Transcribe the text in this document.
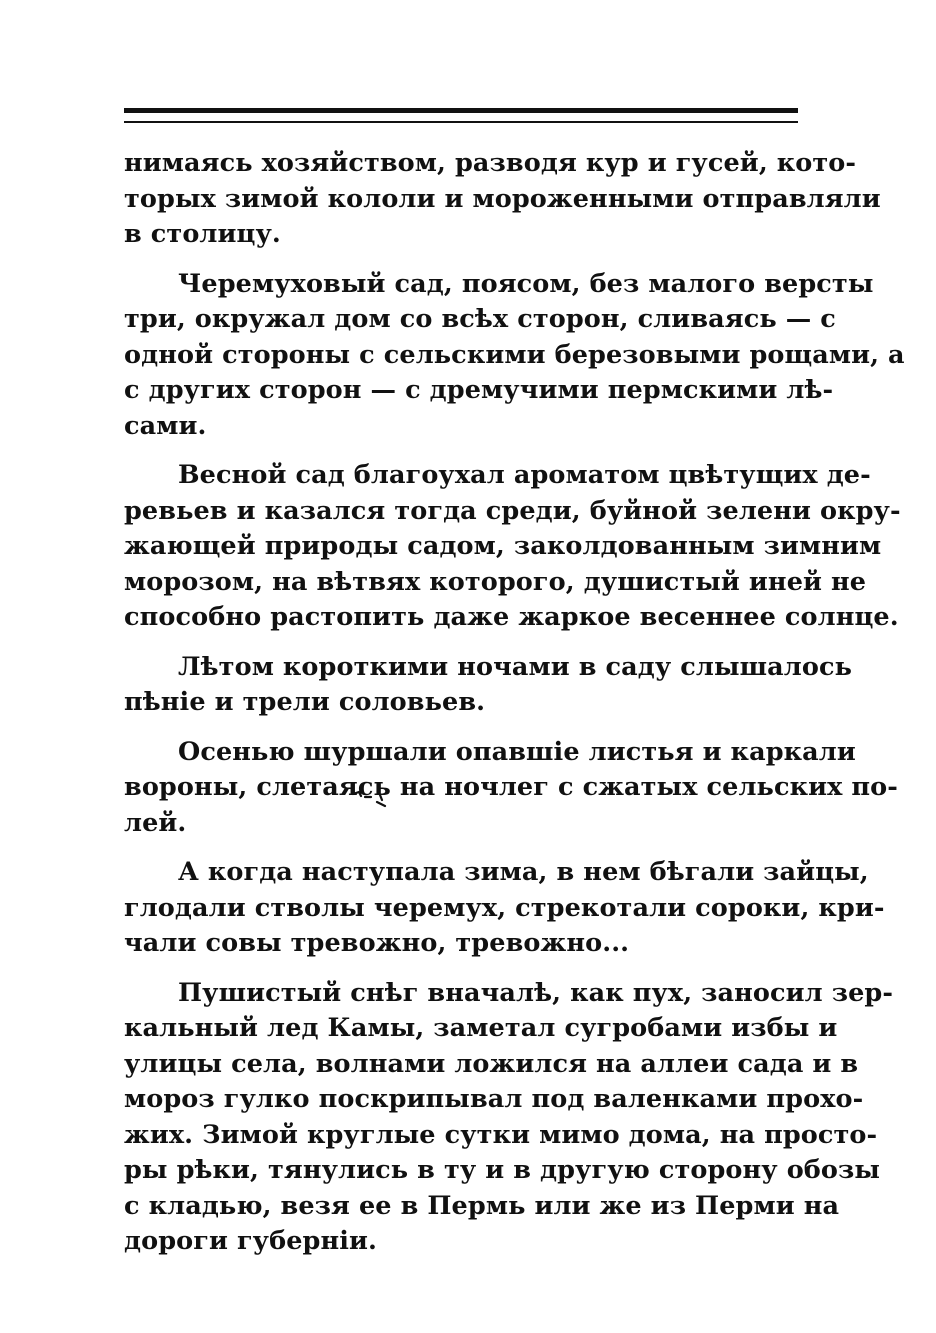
нимаясь хозяйством, разводя кур и гусей, кото-
торых зимой кололи и мороженными отправляли
в столицу.

Черемуховый сад, поясом, без малого версты
три, окружал дом со всѣх сторон, сливаясь — с
одной стороны с сельскими березовыми рощами, а
с других сторон — с дремучими пермскими лѣ-
сами.

Весной сад благоухал ароматом цвѣтущих де-
ревьев и казался тогда среди, буйной зелени окру-
жающей природы садом, заколдованным зимним
морозом, на вѣтвях которого, душистый иней не
способно растопить даже жаркое весеннее солнце.

Лѣтом короткими ночами в саду слышалось
пѣніе и трели соловьев.

Осенью шуршали опавшіе листья и каркали
вороны, слетаясь на ночлег с сжатых сельских по-
лей.

А когда наступала зима, в нем бѣгали зайцы,
глодали стволы черемух, стрекотали сороки, кри-
чали совы тревожно, тревожно...

Пушистый снѣг вначалѣ, как пух, заносил зер-
кальный лед Камы, заметал сугробами избы и
улицы села, волнами ложился на аллеи сада и в
мороз гулко поскрипывал под валенками прохо-
жих. Зимой круглые сутки мимо дома, на просто-
ры рѣки, тянулись в ту и в другую сторону обозы
с кладью, везя ее в Пермь или же из Перми на
дороги губерніи.
